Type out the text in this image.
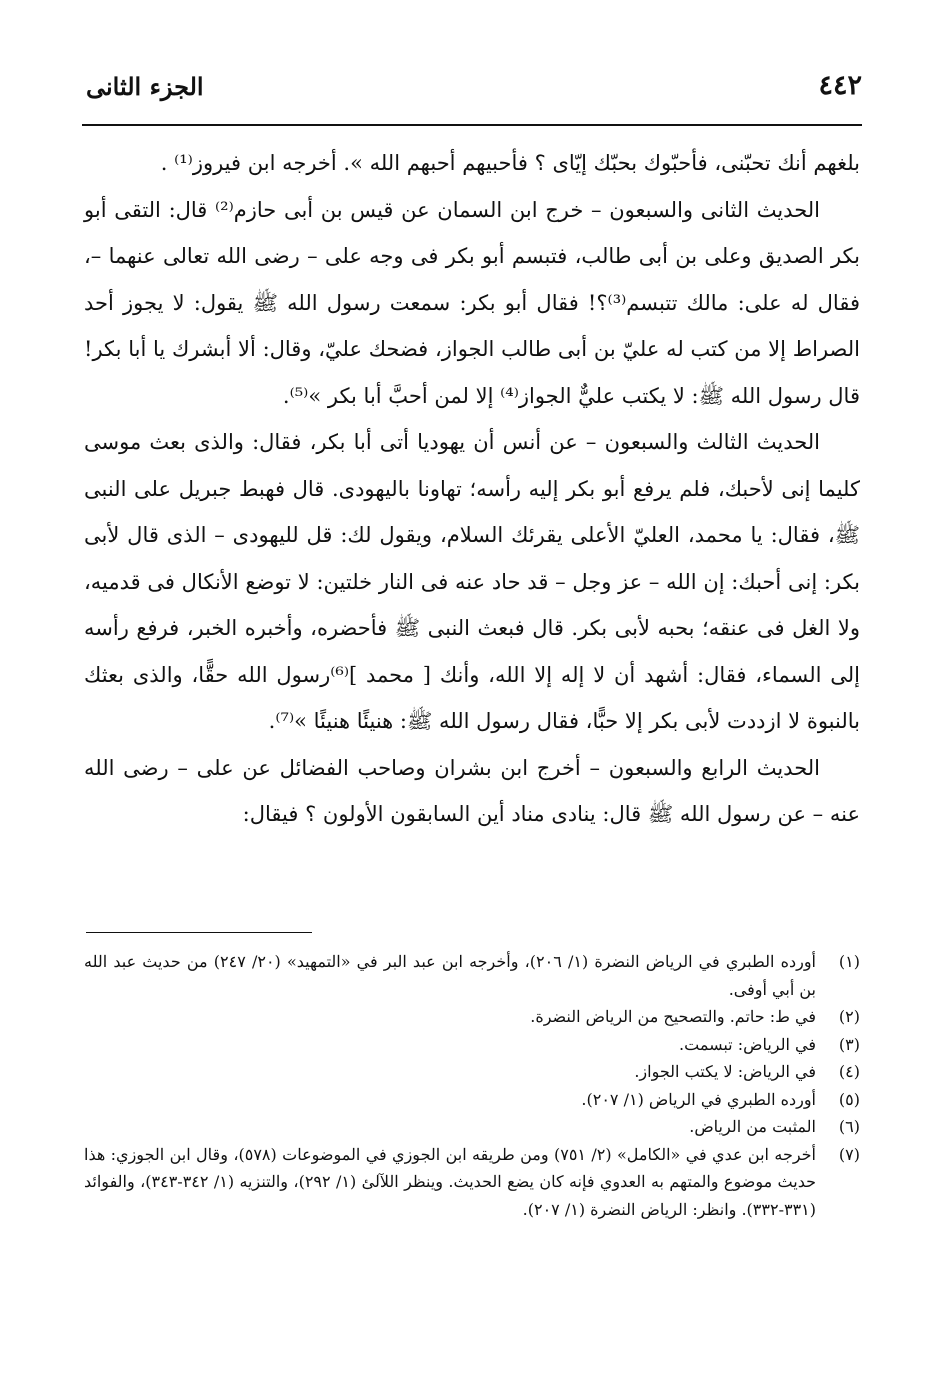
٤٤٢
الجزء الثانى

بلغهم أنك تحبّنى، فأحبّوك بحبّك إيّاى ؟ فأحبيهم أحبهم الله ». أخرجه ابن فيروز⁽¹⁾ .

الحديث الثانى والسبعون – خرج ابن السمان عن قيس بن أبى حازم⁽²⁾ قال: التقى أبو بكر الصديق وعلى بن أبى طالب، فتبسم أبو بكر فى وجه على – رضى الله تعالى عنهما –، فقال له على: مالك تتبسم⁽³⁾؟! فقال أبو بكر: سمعت رسول الله ﷺ يقول: لا يجوز أحد الصراط إلا من كتب له عليّ بن أبى طالب الجواز، فضحك عليّ، وقال: ألا أبشرك يا أبا بكر! قال رسول الله ﷺ: لا يكتب عليٌّ الجواز⁽⁴⁾ إلا لمن أحبَّ أبا بكر »⁽⁵⁾.

الحديث الثالث والسبعون – عن أنس أن يهوديا أتى أبا بكر، فقال: والذى بعث موسى كليما إنى لأحبك، فلم يرفع أبو بكر إليه رأسه؛ تهاونا باليهودى. قال فهبط جبريل على النبى ﷺ، فقال: يا محمد، العليّ الأعلى يقرئك السلام، ويقول لك: قل لليهودى – الذى قال لأبى بكر: إنى أحبك: إن الله – عز وجل – قد حاد عنه فى النار خلتين: لا توضع الأنكال فى قدميه، ولا الغل فى عنقه؛ بحبه لأبى بكر. قال فبعث النبى ﷺ فأحضره، وأخبره الخبر، فرفع رأسه إلى السماء، فقال: أشهد أن لا إله إلا الله، وأنك [ محمد ]⁽⁶⁾رسول الله حقًّا، والذى بعثك بالنبوة لا ازددت لأبى بكر إلا حبًّا، فقال رسول الله ﷺ: هنيئًا هنيئًا »⁽⁷⁾.

الحديث الرابع والسبعون – أخرج ابن بشران وصاحب الفضائل عن على – رضى الله عنه – عن رسول الله ﷺ قال: ينادى مناد أين السابقون الأولون ؟ فيقال:

(١)
أورده الطبري في الرياض النضرة (١/ ٢٠٦)، وأخرجه ابن عبد البر في «التمهيد» (٢٠/ ٢٤٧) من حديث عبد الله بن أبي أوفى.
(٢)
في ط: حاتم. والتصحيح من الرياض النضرة.
(٣)
في الرياض: تبسمت.
(٤)
في الرياض: لا يكتب الجواز.
(٥)
أورده الطبري في الرياض (١/ ٢٠٧).
(٦)
المثبت من الرياض.
(٧)
أخرجه ابن عدي في «الكامل» (٢/ ٧٥١) ومن طريقه ابن الجوزي في الموضوعات (٥٧٨)، وقال ابن الجوزي: هذا حديث موضوع والمتهم به العدوي فإنه كان يضع الحديث. وينظر اللآلئ (١/ ٢٩٢)، والتنزيه (١/ ٣٤٢-٣٤٣)، والفوائد (٣٣١-٣٣٢). وانظر: الرياض النضرة (١/ ٢٠٧).
